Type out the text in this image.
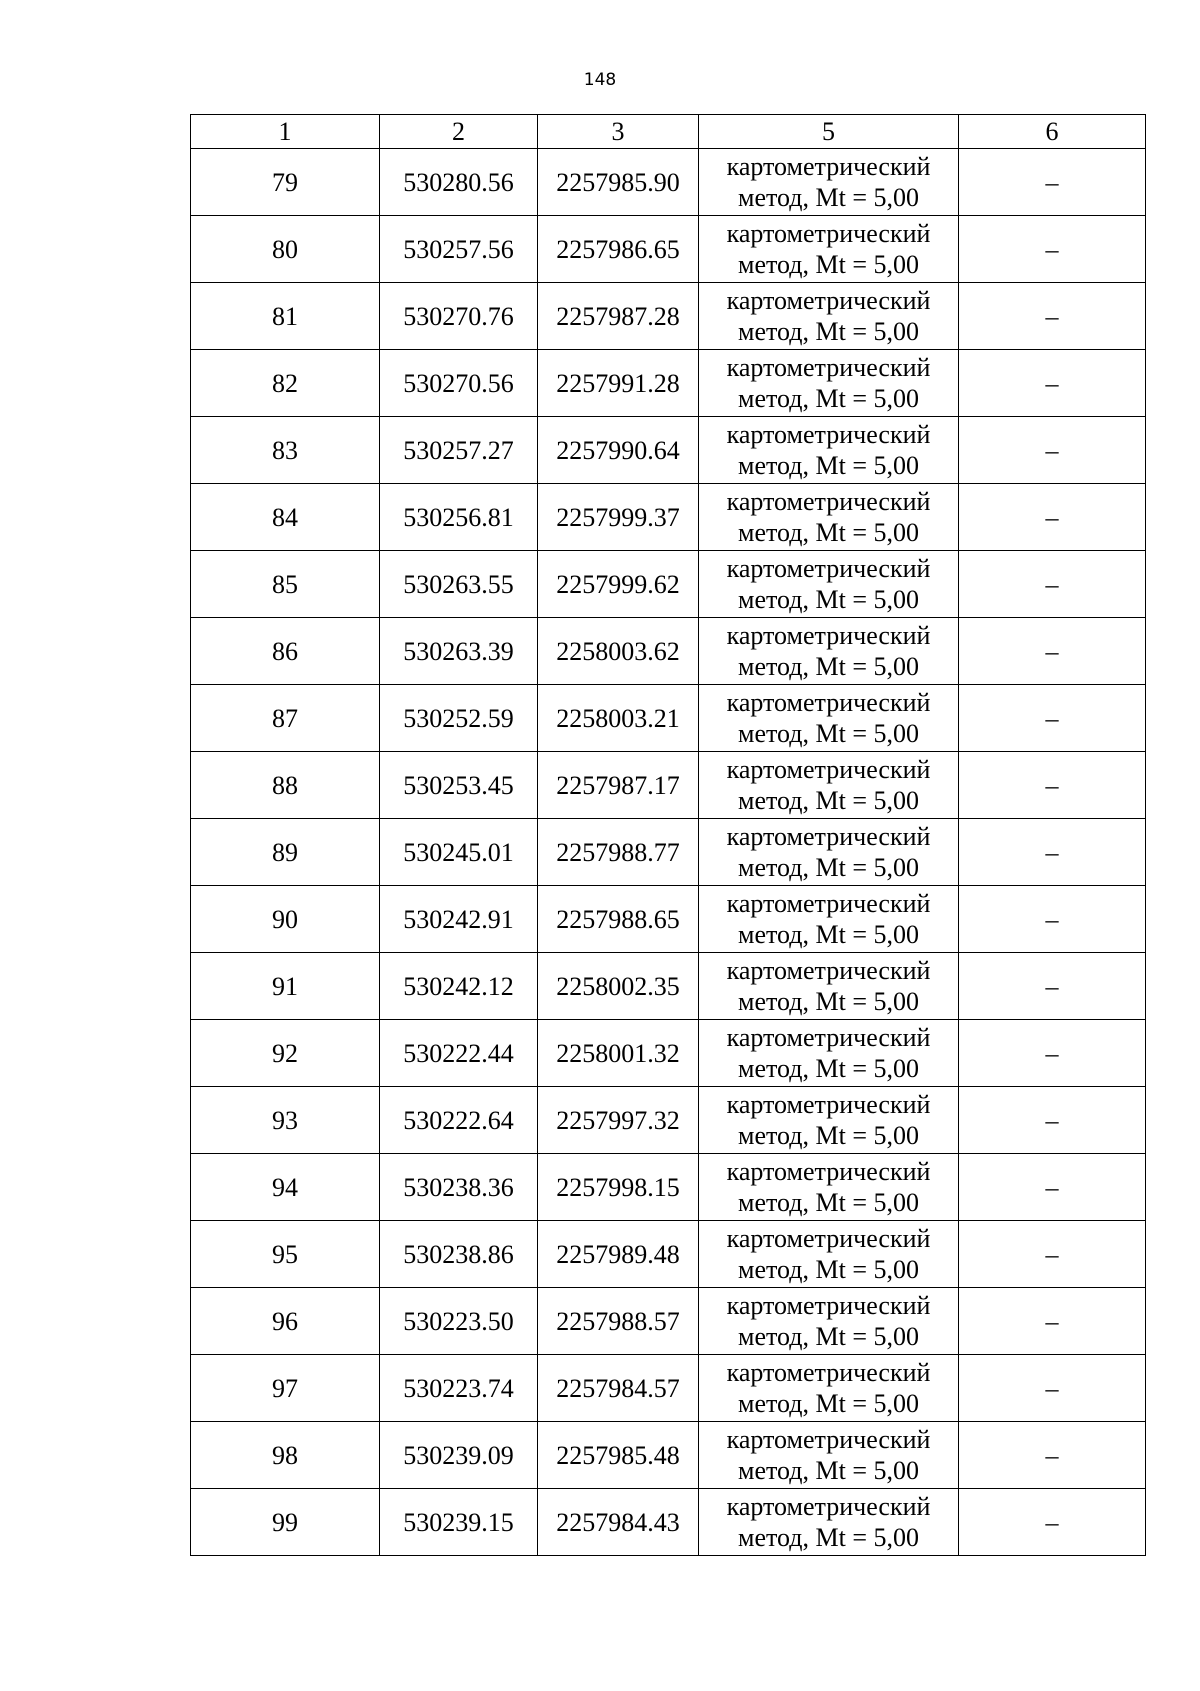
148
1	2	3	5	6
79	530280.56	2257985.90	картометрический
метод, Mt = 5,00	–
80	530257.56	2257986.65	картометрический
метод, Mt = 5,00	–
81	530270.76	2257987.28	картометрический
метод, Mt = 5,00	–
82	530270.56	2257991.28	картометрический
метод, Mt = 5,00	–
83	530257.27	2257990.64	картометрический
метод, Mt = 5,00	–
84	530256.81	2257999.37	картометрический
метод, Mt = 5,00	–
85	530263.55	2257999.62	картометрический
метод, Mt = 5,00	–
86	530263.39	2258003.62	картометрический
метод, Mt = 5,00	–
87	530252.59	2258003.21	картометрический
метод, Mt = 5,00	–
88	530253.45	2257987.17	картометрический
метод, Mt = 5,00	–
89	530245.01	2257988.77	картометрический
метод, Mt = 5,00	–
90	530242.91	2257988.65	картометрический
метод, Mt = 5,00	–
91	530242.12	2258002.35	картометрический
метод, Mt = 5,00	–
92	530222.44	2258001.32	картометрический
метод, Mt = 5,00	–
93	530222.64	2257997.32	картометрический
метод, Mt = 5,00	–
94	530238.36	2257998.15	картометрический
метод, Mt = 5,00	–
95	530238.86	2257989.48	картометрический
метод, Mt = 5,00	–
96	530223.50	2257988.57	картометрический
метод, Mt = 5,00	–
97	530223.74	2257984.57	картометрический
метод, Mt = 5,00	–
98	530239.09	2257985.48	картометрический
метод, Mt = 5,00	–
99	530239.15	2257984.43	картометрический
метод, Mt = 5,00	–
